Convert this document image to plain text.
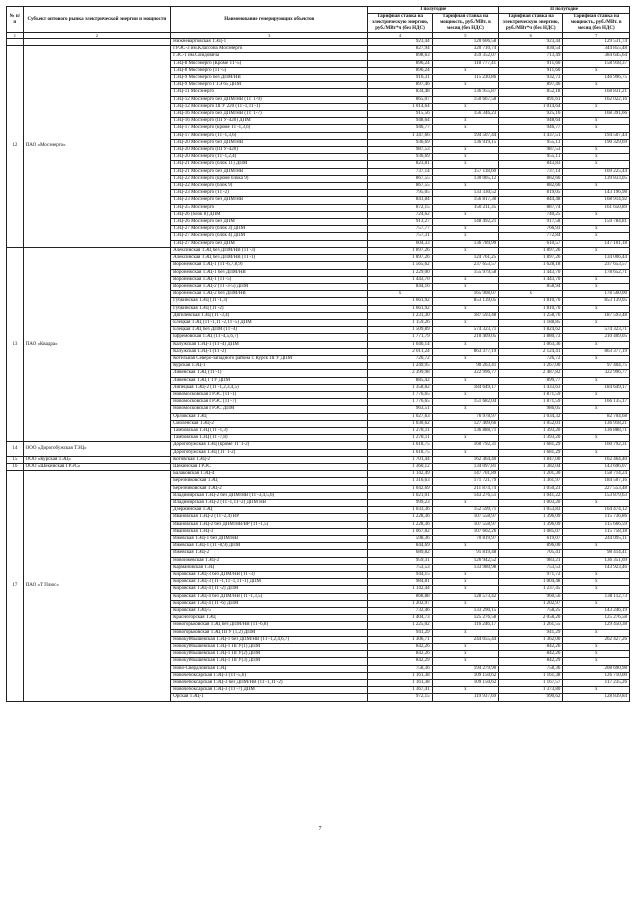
№ п/п	Субъект оптового рынка электрической энергии и мощности	Наименование генерирующих объектов	I полугодие		II полугодие	
			Тарифная ставка на электрическую энергию, руб./МВт*ч (без НДС)	Тарифная ставка на мощность, руб./МВт. в месяц (без НДС)	Тарифная ставка на электрическую энергию, руб./МВт*ч (без НДС)	Тарифная ставка на мощность, руб./МВт. в месяц (без НДС)
1	2	3	4	5	6	7
		Нижневартовская ТЭЦ-1	923,44	120 606,58	923,44	129 531,74
12	ПАО «Мосэнерго»	ГРЭС-3 им.Классона Мосэнерго	827,94	320 710,74	830,54	344 855,48
		ГЭС-1 им.Смидовича	898,63	359 352,07	713,49	384 645,64
		ТЭЦ-8 Мосэнерго (Кроме ТГ-5)	896,24	118 777,41	911,60	158 918,37
		ТЭЦ-8 Мосэнерго (ТГ-5)	896,24	x	911,60	x
		ТЭЦ-9 Мосэнерго без ДПМ/НВ	916,31	115 230,86	932,73	146 996,75
		ТЭЦ-9 Мосэнерго ГТЭ 65 ДПМ	897,46	x	897,46	x
		ТЭЦ-11 Мосэнерго	834,48	136 955,87	852,18	168 831,21
		ТЭЦ-12 Мосэнерго без ДПМ/НВ (ТГ 1-9)	865,07	150 667,58	891,61	162 022,16
		ТЭЦ-12 Мосэнерго ПГУ 220 (ТГ-1,ТГ-1)	1 014,64	x	1 014,64	x
		ТЭЦ-16 Мосэнерго без ДПМ/НВ (ТГ 1-7)	915,56	156 346,23	925,16	168 391,66
		ТЭЦ-16 Мосэнерго (ПГУ-420) ДПМ	948,64	x	948,64	x
		ТЭЦ-17 Мосэнерго (кроме ТГ-1,3,6)	946,77	x	946,77	x
		ТЭЦ-17 Мосэнерго (ТГ-1,3,6)	1 347,66	194 507,44	1 437,51	194 507,44
		ТЭЦ-20 Мосэнерго без ДПМ/НВ	936,69	136 919,15	955,11	190 329,69
		ТЭЦ-20 Мосэнерго (ПГУ-420)	987,53	x	987,53	x
		ТЭЦ-20 Мосэнерго (ТГ-1,2,4)	936,69	x	955,11	x
		ТЭЦ-21 Мосэнерго (блок 11) ДПМ	823,81	x	843,83	x
		ТЭЦ-21 Мосэнерго без ДПМ/НВ	737,14	157 118,60	737,14	169 225,44
		ТЭЦ-22 Мосэнерго (кроме блока 9)	867,55	130 005,12	882,66	139 833,05
		ТЭЦ-22 Мосэнерго (блок 9)	867,55	x	882,66	x
		ТЭЦ-23 Мосэнерго (ТГ-2)	795,05	133 330,52	819,05	143 196,98
		ТЭЦ-23 Мосэнерго без ДПМ/НВ	841,84	156 817,30	844,48	168 914,92
		ТЭЦ-25 Мосэнерго	872,15	150 211,35	887,74	161 650,89
		ТЭЦ-26 (блок 8) ДПМ	724,62	x	740,25	x
		ТЭЦ-26 Мосэнерго без ДПМ	913,27	148 492,21	917,58	159 784,81
		ТЭЦ-27 Мосэнерго (блок 3) ДПМ	757,77	x	766,93	x
		ТЭЦ-27 Мосэнерго (блок 4) ДПМ	757,31	x	772,84	x
		ТЭЦ-27 Мосэнерго без ДПМ	604,33	136 789,99	610,57	147 101,18
13	ПАО «Квадра»	Алексинская ТЭЦ без ДПМ/НВ (ТГ-3)	1 897,26	x	1 897,26	x
		Алексинская ТЭЦ без ДПМ/НВ (ТГ-1)	1 897,26	124 761,25	1 897,26	134 006,44
		Воронежская ТЭЦ-1 (ТГ-6,7,8,9)	1 565,62	237 653,57	1 628,18	237 653,57
		Воронежская ТЭЦ-1 без ДПМ/НВ	1 229,00	155 979,58	1 443,70	178 652,71
		Воронежская ТЭЦ-1 (ТГ-5)	1 443,70	x	1 443,70	x
		Воронежская ТЭЦ-2 (ТГ-3-5) ДПМ	844,16	x	858,94	x
		Воронежская ТЭЦ-2 без ДПМ/НВ	x	165 908,07	x	178 560,00
		Губкинская ТЭЦ (ТГ-1,3)	1 661,92	853 139,05	1 810,70	853 139,05
		Губкинская ТЭЦ (ТГ-2)	1 661,92	x	1 810,70	x
		Дягилевская ТЭЦ (ТГ-3,4)	1 231,30	187 593,48	1 258,76	187 593,48
		Елецкая ТЭЦ (ТГ-1,ТГ-2,ТГ-5) ДПМ	1 159,26	x	1 188,85	x
		Елецкая ТЭЦ без ДПМ (ТГ-4)	1 509,89	574 323,71	1 824,62	574 323,71
		Ефремовская ТЭЦ (ТГ-4,5,6,7)	1 771,79	210 409,05	1 880,73	210 409,05
		Калужская ТЭЦ-1 (ТГ-4) ДПМ	1 046,14	x	1 063,36	x
		Калужская ТЭЦ-1 (ТГ-2)	2 011,24	863 377,19	2 124,41	863 377,19
		Котельная Северо-западного района г. Курск ПГУ ДПМ	726,72	x	726,72	x
		Курская ТЭЦ-1	1 249,95	90 263,41	1 267,00	97 404,75
		Ливенская ТЭЦ (ТГ-1)	2 399,98	322 996,77	2 487,82	322 996,77
		Ливенская ТЭЦ ГТУ ДПМ	885,42	x	899,77	x
		Липецкая ТЭЦ-2 (ТГ-1,2,3,4,5)	1 358,82	184 649,17	1 433,63	184 649,17
		Новомосковская ГРЭС (ТГ-1)	1 776,65	x	1 871,59	x
		Новомосковская ГРЭС (ТГ-7)	1 776,65	151 682,04	1 871,59	166 135,17
		Новомосковская ГРЭС ДПМ	963,51	x	986,05	x
		Орловская ТЭЦ	1 027,63	76 978,97	1 034,32	82 704,68
		Смоленская ТЭЦ-2	1 030,62	127 409,66	1 052,01	136 918,21
		Тамбовская ТЭЦ (ТГ-1,3)	1 278,11	136 888,71	1 393,20	136 888,71
		Тамбовская ТЭЦ (ТГ-7,8)	1 278,11	x	1 393,20	x
14	ООО «Дорогобужская ТЭЦ»	Дорогобужская ТЭЦ (кроме ТГ 1-2)	1 618,75	160 792,31	1 681,29	160 792,31
		Дорогобужская ТЭЦ (ТГ 1-2)	1 618,75	x	1 681,29	x
15	ООО «Курская ТЭЦ»	Котовская ТЭЦ-2	1 701,44	162 464,40	1 847,00	162 464,40
16	ООО «Шекинская ГРЭС»	Шекинская ГРЭС	1 360,12	134 097,81	1 382,04	143 696,07
17	ПАО «Т Плюс»	Балаковская ТЭЦ-4	1 142,49	147 701,89	1 201,30	158 714,24
		Березниковская ТЭЦ	1 316,63	171 721,79	1 361,97	184 507,16
		Березниковская ТЭЦ-2	1 042,69	211 874,74	1 050,23	227 553,48
		Владимирская ТЭЦ-2 без ДПМ/НВ (ТГ-3,4,5,6)	1 021,01	143 276,51	1 041,22	153 879,63
		Владимирская ТЭЦ-2 (ТГ-1,ТГ-2) ДПМ НВ	999,23	x	1 003,20	x
		Дзержинская ТЭЦ	1 033,36	152 599,71	1 053,83	164 474,12
		Ивановская ТЭЦ-2 (ТГ-2,4) ВР	1 228,36	107 558,97	1 396,09	115 736,86
		Ивановская ТЭЦ-2 без ДПМ/НВ/ВР (ТГ-1,5)	1 228,36	107 558,97	1 396,09	115 666,59
		Ивановская ТЭЦ-3	1 067,82	107 602,26	1 085,07	115 758,18
		Ижевская ТЭЦ-1 без ДПМ/НВ	598,36	70 819,97	619,07	244 095,11
		Ижевская ТЭЦ-1 (ТГ-8,9) ДПМ	844,69	x	896,00	x
		Ижевская ТЭЦ-2	689,82	91 819,48	705,41	98 414,41
		Новоижевская ТЭЦ-2	959,31	126 942,52	983,21	136 351,69
		Кармановская ТЭЦ	753,53	133 980,98	753,53	143 923,46
		Кировская ТЭЦ-3 без ДПМ/НВ (ТГ-3)	944,15	x	971,72	x
		Кировская ТЭЦ-3 (ТГ-1,ТГ-1,ТГ-1) ДПМ	984,81	x	1 004,48	x
		Кировская ТЭЦ-4 (ТГ-2) ДПМ	1 142,44	x	1 237,45	x
		Кировская ТЭЦ-4 без ДПМ/НВ (ТГ-1,3,5)	868,88	128 573,42	960,56	138 112,73
		Кировская ТЭЦ-4 (ТГ-6) ДПМ	1 202,97	x	1 202,97	x
		Кировская ТЭЦ-5	732,46	133 290,15	758,25	143 246,19
		Красногорская ТЭЦ	1 404,73	125 276,58	2 058,20	125 276,58
		Новогорьковская ТЭЦ без ДПМ/НВ (ТГ-6,8)	1 225,02	116 246,17	1 261,55	129 450,38
		Новогорьковская ТЭЦ ПГУ (1,2) ДПМ	941,29	x	941,29	x
		Новокуйбышевская ТЭЦ-1 без ДПМ/НВ (ТГ-1,2,4,6,7)	1 306,71	244 055,44	1 362,00	262 427,26
		Новокуйбышевская ТЭЦ-1 ПГУ(1) ДПМ	842,26	x	842,26	x
		Новокуйбышевская ТЭЦ-1 ПГУ(2) ДПМ	842,26	x	842,26	x
		Новокуйбышевская ТЭЦ-1 ПГУ(3) ДПМ	842,29	x	842,29	x
		Ново-Свердловская ТЭЦ	758,36	194 279,90	758,36	208 690,98
		Новочебоксарская ТЭЦ-3 (ТГ-5,6)	1 161,38	109 150,62	1 161,38	126 710,00
		Новочебоксарская ТЭЦ-3 без ДПМ/НВ (ТГ-1,ТГ-2)	1 161,38	109 150,62	1 167,57	117 235,26
		Новочебоксарская ТЭЦ-3 (ТГ-7) ДПМ	1 367,41	x	1 373,80	x
		Орская ТЭЦ-1	972,15	119 937,69	990,62	128 839,84
7
